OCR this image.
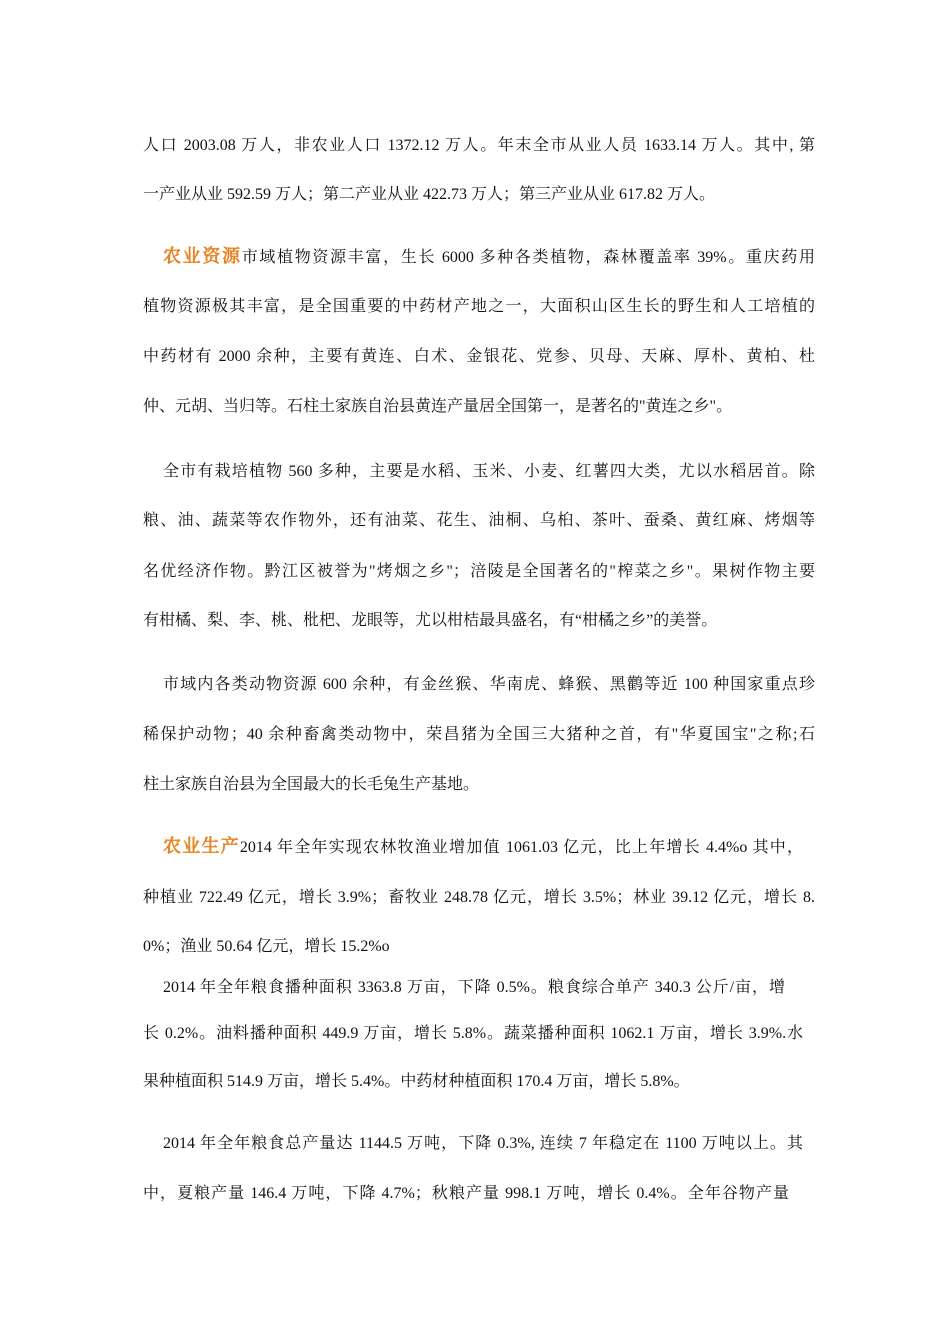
人口 2003.08 万人，非农业人口 1372.12 万人。年末全市从业人员 1633.14 万人。其中, 第
一产业从业 592.59 万人；第二产业从业 422.73 万人；第三产业从业 617.82 万人。
农业资源市域植物资源丰富，生长 6000 多种各类植物，森林覆盖率 39%。重庆药用
植物资源极其丰富，是全国重要的中药材产地之一，大面积山区生长的野生和人工培植的
中药材有 2000 余种，主要有黄连、白术、金银花、党参、贝母、天麻、厚朴、黄柏、杜
仲、元胡、当归等。石柱土家族自治县黄连产量居全国第一，是著名的"黄连之乡"。
全市有栽培植物 560 多种，主要是水稻、玉米、小麦、红薯四大类，尤以水稻居首。除
粮、油、蔬菜等农作物外，还有油菜、花生、油桐、乌桕、茶叶、蚕桑、黄红麻、烤烟等
名优经济作物。黔江区被誉为"烤烟之乡"；涪陵是全国著名的"榨菜之乡"。果树作物主要
有柑橘、梨、李、桃、枇杷、龙眼等，尤以柑桔最具盛名，有“柑橘之乡”的美誉。
市域内各类动物资源 600 余种，有金丝猴、华南虎、蜂猴、黑鹳等近 100 种国家重点珍
稀保护动物；40 余种畜禽类动物中，荣昌猪为全国三大猪种之首，有"华夏国宝"之称;石
柱土家族自治县为全国最大的长毛兔生产基地。
农业生产2014 年全年实现农林牧渔业增加值 1061.03 亿元，比上年增长 4.4%o 其中，
种植业 722.49 亿元，增长 3.9%；畜牧业 248.78 亿元，增长 3.5%；林业 39.12 亿元，增长 8.
0%；渔业 50.64 亿元，增长 15.2%o
2014 年全年粮食播种面积 3363.8 万亩，下降 0.5%。粮食综合单产 340.3 公斤/亩，增
长 0.2%。油料播种面积 449.9 万亩，增长 5.8%。蔬菜播种面积 1062.1 万亩，增长 3.9%.水
果种植面积 514.9 万亩，增长 5.4%。中药材种植面积 170.4 万亩，增长 5.8%。
2014 年全年粮食总产量达 1144.5 万吨，下降 0.3%, 连续 7 年稳定在 1100 万吨以上。其
中，夏粮产量 146.4 万吨，下降 4.7%；秋粮产量 998.1 万吨，增长 0.4%。全年谷物产量
